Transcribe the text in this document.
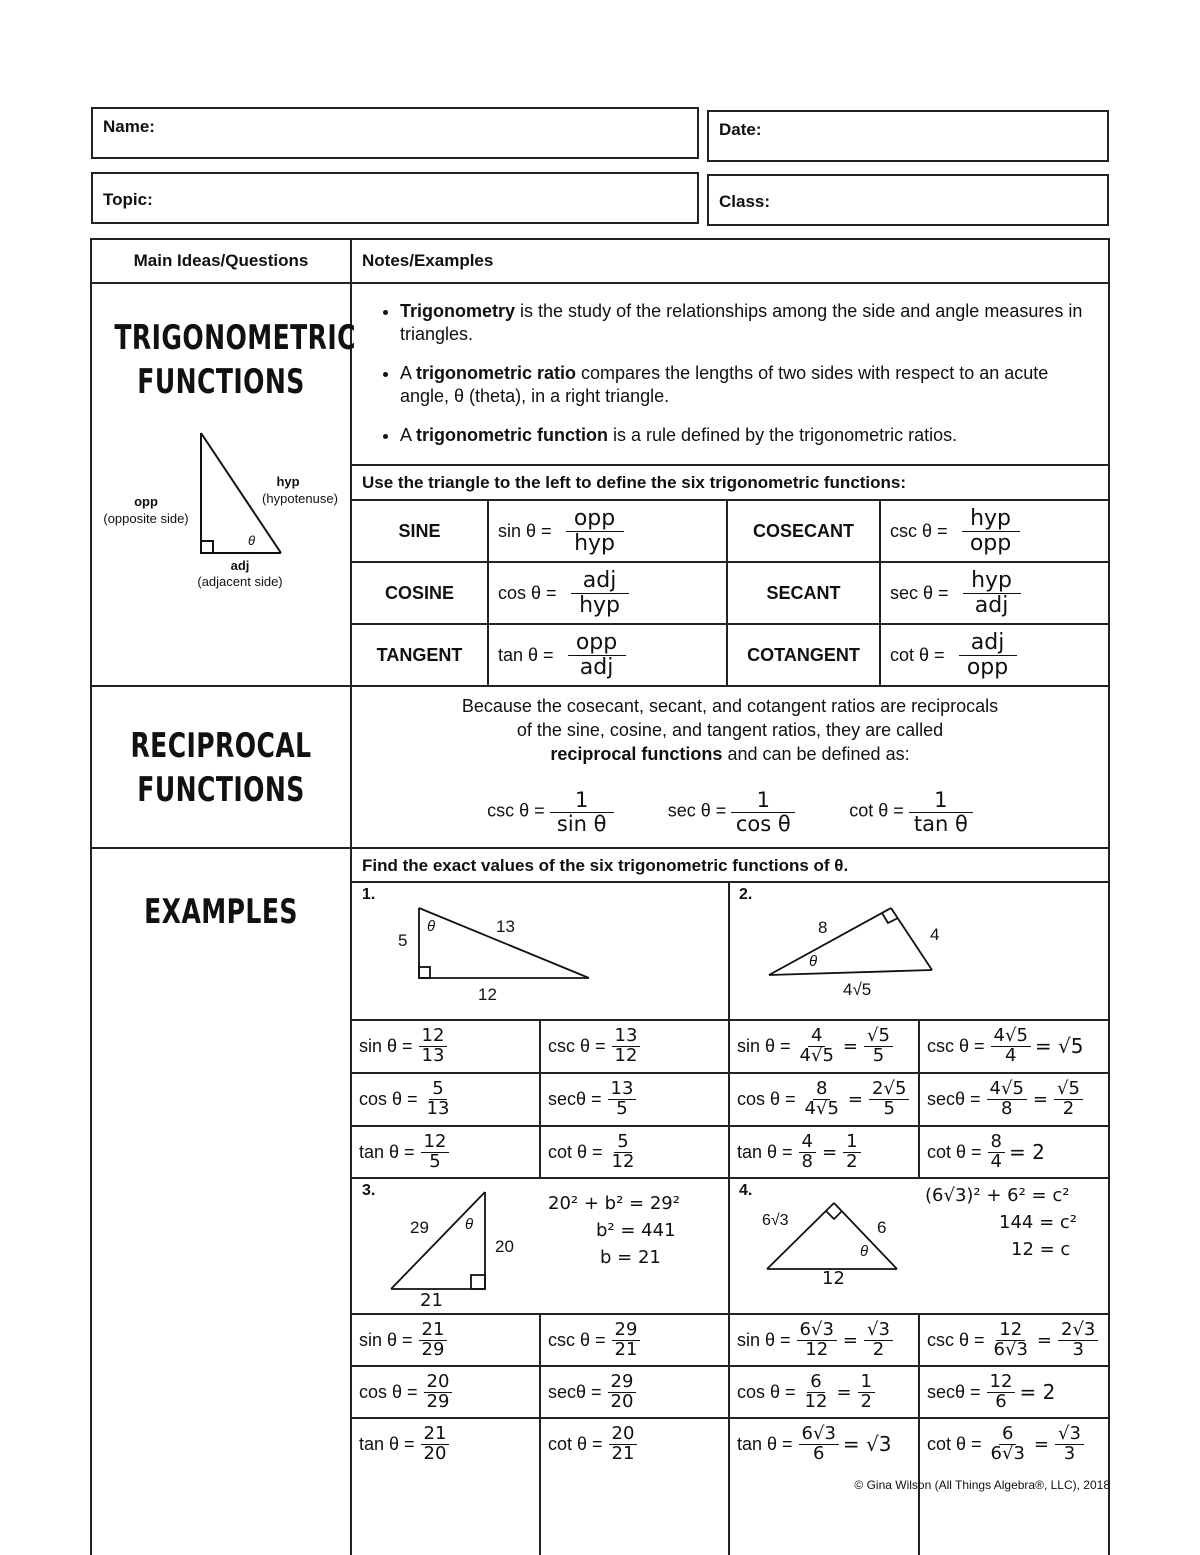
Name:	Date:
Topic:	Class:
Main Ideas/Questions	Notes/Examples
TRIGONOMETRIC
FUNCTIONS
opp
(opposite side)
hyp
(hypotenuse)
θ
adj
(adjacent side)
• Trigonometry is the study of the relationships among the side and angle measures in triangles.
• A trigonometric ratio compares the lengths of two sides with respect to an acute angle, θ (theta), in a right triangle.
• A trigonometric function is a rule defined by the trigonometric ratios.
Use the triangle to the left to define the six trigonometric functions:
SINE	$\sin \theta = \frac{\text{opp}}{\text{hyp}}$	COSECANT	$\csc \theta = \frac{\text{hyp}}{\text{opp}}$
COSINE	$\cos \theta = \frac{\text{adj}}{\text{hyp}}$	SECANT	$\sec \theta = \frac{\text{hyp}}{\text{adj}}$
TANGENT	$\tan \theta = \frac{\text{opp}}{\text{adj}}$	COTANGENT	$\cot \theta = \frac{\text{adj}}{\text{opp}}$
RECIPROCAL
FUNCTIONS
Because the cosecant, secant, and cotangent ratios are reciprocals
of the sine, cosine, and tangent ratios, they are called
reciprocal functions and can be defined as:
$\csc \theta = \frac{1}{\text{sin θ}}$	$\sec \theta = \frac{1}{\text{cos θ}}$	$\cot \theta = \frac{1}{\text{tan θ}}$
EXAMPLES
Find the exact values of the six trigonometric functions of θ.
1.
5
θ	13
12
2.
8	4
θ
4√5
3.
29 θ
20
21
20² + b² = 29²
b² = 441
b = 21
4.
6√3	6
θ
12
(6√3)² + 6² = c²
144 = c²
12 = c
$\sin \theta = \frac{12}{13}$	$\csc \theta = \frac{13}{12}$
$\cos \theta = \frac{5}{13}$	$\sec\theta = \frac{13}{5}$
$\tan \theta = \frac{12}{5}$	$\cot \theta = \frac{5}{12}$
$\sin \theta = \frac{4}{4√5} = \frac{√5}{5}$ $\csc \theta = \frac{4√5}{4} = √5$
$\cos \theta = \frac{8}{4√5} = \frac{2√5}{5}$ $\sec\theta = \frac{4√5}{8} = \frac{√5}{2}$
$\tan \theta = \frac{4}{8} = \frac{1}{2}$	$\cot \theta = \frac{8}{4} = 2$
$\sin \theta = \frac{21}{29}$	$\csc \theta = \frac{29}{21}$
$\cos \theta = \frac{20}{29}$	$\sec\theta = \frac{29}{20}$
$\tan \theta = \frac{21}{20}$	$\cot \theta = \frac{20}{21}$
$\sin \theta = \frac{6√3}{12} = \frac{√3}{2}$ $\csc \theta = \frac{12}{6√3} = \frac{2√3}{3}$
$\cos \theta = \frac{6}{12} = \frac{1}{2}$	$\sec\theta = \frac{12}{6} = 2$
$\tan \theta = \frac{6√3}{6} = √3$ $\cot \theta = \frac{6}{6√3} = \frac{√3}{3}$
© Gina Wilson (All Things Algebra®, LLC), 2018
